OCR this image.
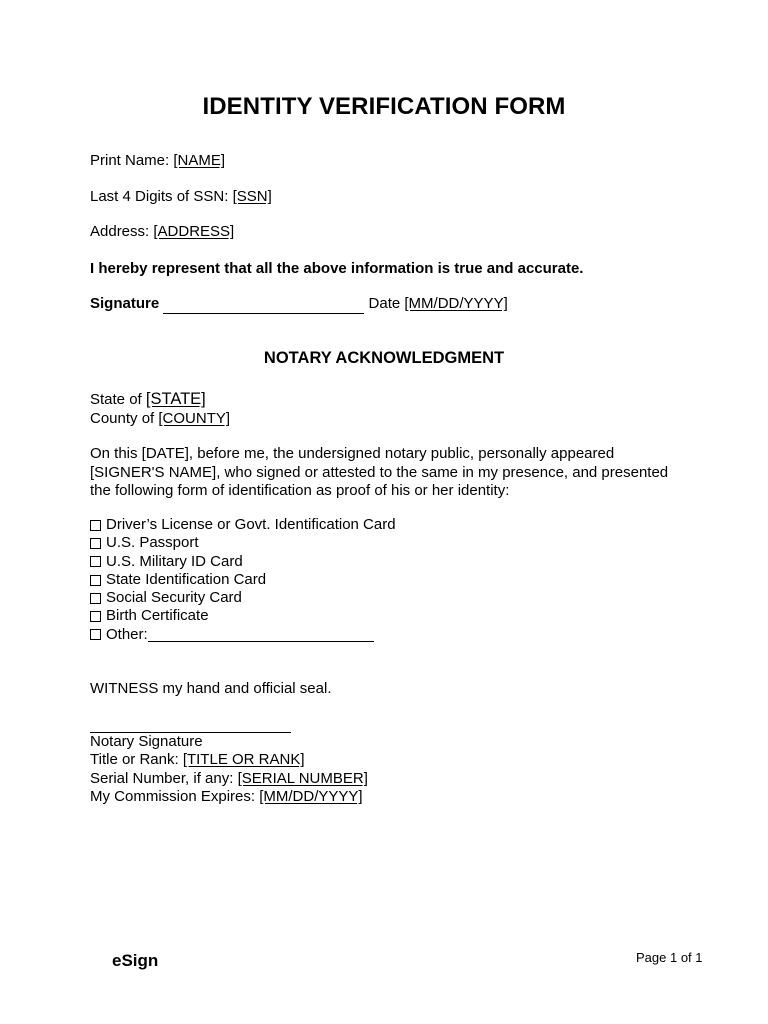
IDENTITY VERIFICATION FORM
Print Name: [NAME]
Last 4 Digits of SSN: [SSN]
Address: [ADDRESS]
I hereby represent that all the above information is true and accurate.
Signature	Date [MM/DD/YYYY]
NOTARY ACKNOWLEDGMENT
State of [STATE]
County of [COUNTY]
On this [DATE], before me, the undersigned notary public, personally appeared [SIGNER'S NAME], who signed or attested to the same in my presence, and presented the following form of identification as proof of his or her identity:
Driver’s License or Govt. Identification Card
U.S. Passport
U.S. Military ID Card
State Identification Card
Social Security Card
Birth Certificate
Other:
WITNESS my hand and official seal.
Notary Signature
Title or Rank: [TITLE OR RANK]
Serial Number, if any: [SERIAL NUMBER]
My Commission Expires: [MM/DD/YYYY]
eSign	Page 1 of 1
